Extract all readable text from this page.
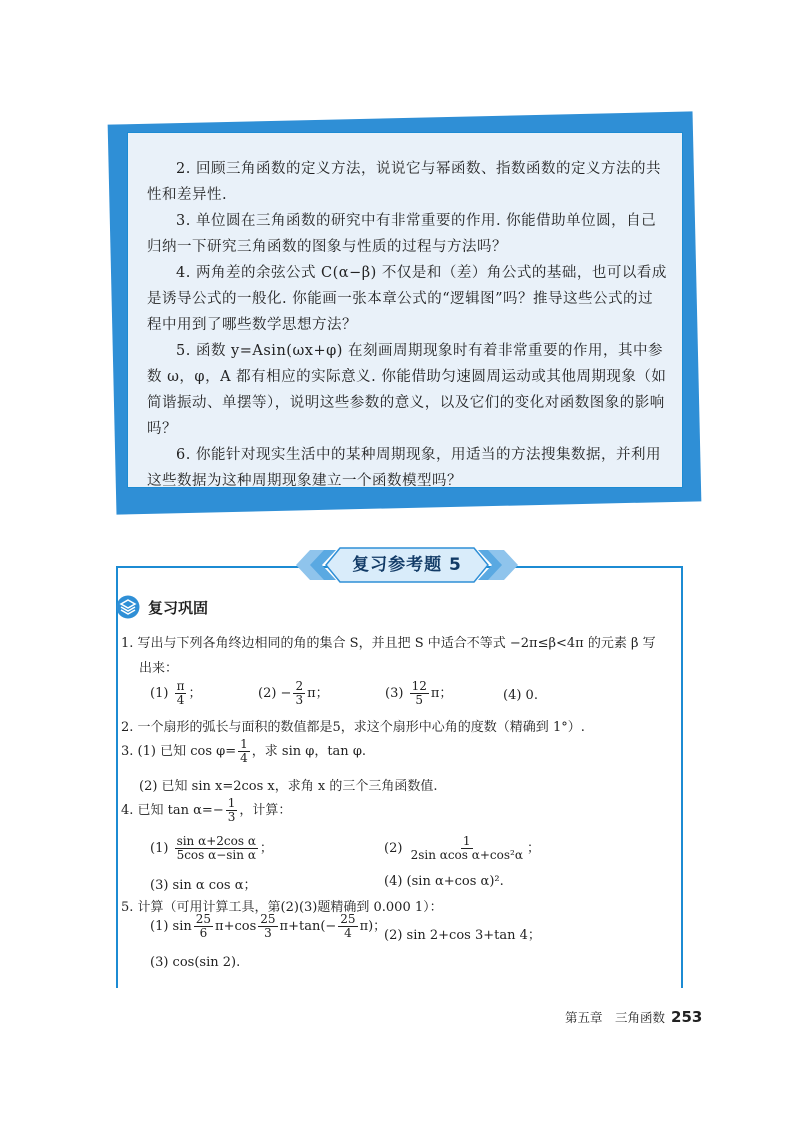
2. 回顾三角函数的定义方法，说说它与幂函数、指数函数的定义方法的共性和差异性.

3. 单位圆在三角函数的研究中有非常重要的作用. 你能借助单位圆，自己归纳一下研究三角函数的图象与性质的过程与方法吗？

4. 两角差的余弦公式 C(α−β) 不仅是和（差）角公式的基础，也可以看成是诱导公式的一般化. 你能画一张本章公式的“逻辑图”吗？推导这些公式的过程中用到了哪些数学思想方法？

5. 函数 y=Asin(ωx+φ) 在刻画周期现象时有着非常重要的作用，其中参数 ω，φ，A 都有相应的实际意义. 你能借助匀速圆周运动或其他周期现象（如简谐振动、单摆等），说明这些参数的意义，以及它们的变化对函数图象的影响吗？

6. 你能针对现实生活中的某种周期现象，用适当的方法搜集数据，并利用这些数据为这种周期现象建立一个函数模型吗？

复习参考题 5
复习巩固
1. 写出与下列各角终边相同的角的集合 S，并且把 S 中适合不等式 −2π≤β<4π 的元素 β 写
出来：
$(1) \frac{\pi}{4}$ ；	$(2) - \frac{2}{3}$ π；	$(3) \frac{12}{5}$ π；	(4) 0.
2. 一个扇形的弧长与面积的数值都是5，求这个扇形中心角的度数（精确到 1°）.
3. (1) 已知 $\cos \varphi= \frac{1}{4}$ ，求 sin φ，tan φ.
(2) 已知 sin x=2cos x，求角 x 的三个三角函数值.
4. 已知 $\tan \alpha=- \frac{1}{3}$ ，计算：
$(1) \frac{\text{sin α+2cos α}}{\text{5cos α−sin α}}$ ；	$(2) \frac{1}{\text{2sin αcos α+cos²α}}$ ；
(3) sin α cos α；	(4) (sin α+cos α)².
5. 计算（可用计算工具，第(2)(3)题精确到 0.000 1）：
(1) $\sin \frac{25}{6} \pi+\cos \frac{25}{3} \pi+\tan(- \frac{25}{4} \pi)$；
(2) sin 2+cos 3+tan 4；
(3) cos(sin 2).
第五章　三角函数 253
